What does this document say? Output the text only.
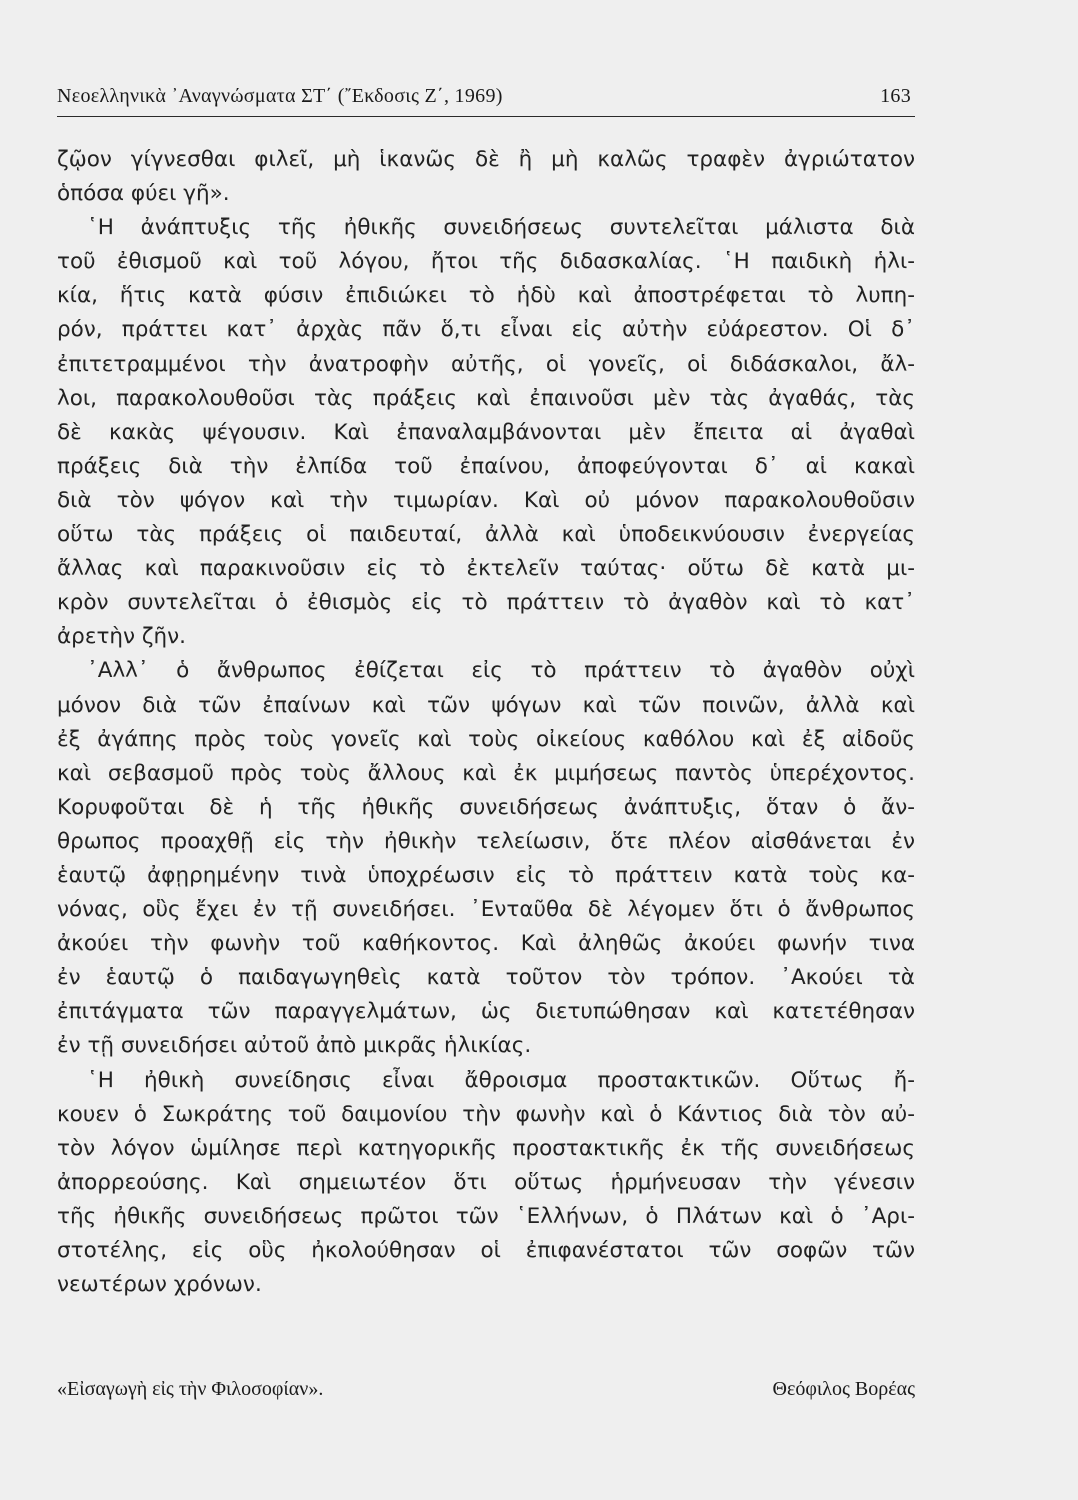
Νεοελληνικὰ ᾿Αναγνώσματα ΣΤ΄ (῎Εκδοσις Ζ΄, 1969)	163
ζῷον γίγνεσθαι φιλεῖ, μὴ ἱκανῶς δὲ ἢ μὴ καλῶς τραφὲν ἀγριώτατον
ὁπόσα φύει γῆ».
῾Η ἀνάπτυξις τῆς ἠθικῆς συνειδήσεως συντελεῖται μάλιστα διὰ
τοῦ ἐθισμοῦ καὶ τοῦ λόγου, ἤτοι τῆς διδασκαλίας. ῾Η παιδικὴ ἡλι-
κία, ἥτις κατὰ φύσιν ἐπιδιώκει τὸ ἡδὺ καὶ ἀποστρέφεται τὸ λυπη-
ρόν, πράττει κατ᾿ ἀρχὰς πᾶν ὅ,τι εἶναι εἰς αὐτὴν εὐάρεστον. Οἱ δ᾿
ἐπιτετραμμένοι τὴν ἀνατροφὴν αὐτῆς, οἱ γονεῖς, οἱ διδάσκαλοι, ἄλ-
λοι, παρακολουθοῦσι τὰς πράξεις καὶ ἐπαινοῦσι μὲν τὰς ἀγαθάς, τὰς
δὲ κακὰς ψέγουσιν. Καὶ ἐπαναλαμβάνονται μὲν ἔπειτα αἱ ἀγαθαὶ
πράξεις διὰ τὴν ἐλπίδα τοῦ ἐπαίνου, ἀποφεύγονται δ᾿ αἱ κακαὶ
διὰ τὸν ψόγον καὶ τὴν τιμωρίαν. Καὶ οὐ μόνον παρακολουθοῦσιν
οὕτω τὰς πράξεις οἱ παιδευταί, ἀλλὰ καὶ ὑποδεικνύουσιν ἐνεργείας
ἄλλας καὶ παρακινοῦσιν εἰς τὸ ἐκτελεῖν ταύτας· οὕτω δὲ κατὰ μι-
κρὸν συντελεῖται ὁ ἐθισμὸς εἰς τὸ πράττειν τὸ ἀγαθὸν καὶ τὸ κατ᾿
ἀρετὴν ζῆν.
᾿Αλλ᾿ ὁ ἄνθρωπος ἐθίζεται εἰς τὸ πράττειν τὸ ἀγαθὸν οὐχὶ
μόνον διὰ τῶν ἐπαίνων καὶ τῶν ψόγων καὶ τῶν ποινῶν, ἀλλὰ καὶ
ἐξ ἀγάπης πρὸς τοὺς γονεῖς καὶ τοὺς οἰκείους καθόλου καὶ ἐξ αἰδοῦς
καὶ σεβασμοῦ πρὸς τοὺς ἄλλους καὶ ἐκ μιμήσεως παντὸς ὑπερέχοντος.
Κορυφοῦται δὲ ἡ τῆς ἠθικῆς συνειδήσεως ἀνάπτυξις, ὅταν ὁ ἄν-
θρωπος προαχθῇ εἰς τὴν ἠθικὴν τελείωσιν, ὅτε πλέον αἰσθάνεται ἐν
ἑαυτῷ ἀφῃρημένην τινὰ ὑποχρέωσιν εἰς τὸ πράττειν κατὰ τοὺς κα-
νόνας, οὓς ἔχει ἐν τῇ συνειδήσει. ᾿Ενταῦθα δὲ λέγομεν ὅτι ὁ ἄνθρωπος
ἀκούει τὴν φωνὴν τοῦ καθήκοντος. Καὶ ἀληθῶς ἀκούει φωνήν τινα
ἐν ἑαυτῷ ὁ παιδαγωγηθεὶς κατὰ τοῦτον τὸν τρόπον. ᾿Ακούει τὰ
ἐπιτάγματα τῶν παραγγελμάτων, ὡς διετυπώθησαν καὶ κατετέθησαν
ἐν τῇ συνειδήσει αὐτοῦ ἀπὸ μικρᾶς ἡλικίας.
῾Η ἠθικὴ συνείδησις εἶναι ἄθροισμα προστακτικῶν. Οὕτως ἤ-
κουεν ὁ Σωκράτης τοῦ δαιμονίου τὴν φωνὴν καὶ ὁ Κάντιος διὰ τὸν αὐ-
τὸν λόγον ὡμίλησε περὶ κατηγορικῆς προστακτικῆς ἐκ τῆς συνειδήσεως
ἀπορρεούσης. Καὶ σημειωτέον ὅτι οὕτως ἡρμήνευσαν τὴν γένεσιν
τῆς ἠθικῆς συνειδήσεως πρῶτοι τῶν ῾Ελλήνων, ὁ Πλάτων καὶ ὁ ᾿Αρι-
στοτέλης, εἰς οὓς ἠκολούθησαν οἱ ἐπιφανέστατοι τῶν σοφῶν τῶν
νεωτέρων χρόνων.
«Εἰσαγωγὴ εἰς τὴν Φιλοσοφίαν».	Θεόφιλος Βορέας
